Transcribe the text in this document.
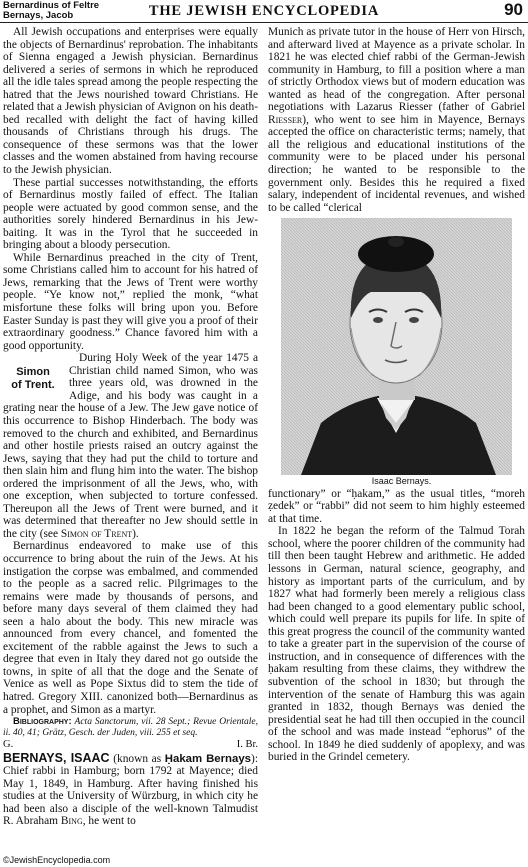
Bernardinus of Feltre
Bernays, Jacob	THE JEWISH ENCYCLOPEDIA	90

All Jewish occupations and enterprises were equally the objects of Bernardinus' reprobation. The inhabitants of Sienna engaged a Jewish physician. Bernardinus delivered a series of sermons in which he reproduced all the idle tales spread among the people respecting the hatred that the Jews nourished toward Christians. He related that a Jewish physician of Avignon on his death-bed recalled with delight the fact of having killed thousands of Christians through his drugs. The consequence of these sermons was that the lower classes and the women abstained from having recourse to the Jewish physician.

These partial successes notwithstanding, the efforts of Bernardinus mostly failed of effect. The Italian people were actuated by good common sense, and the authorities sorely hindered Bernardinus in his Jew-baiting. It was in the Tyrol that he succeeded in bringing about a bloody persecution.

While Bernardinus preached in the city of Trent, some Christians called him to account for his hatred of Jews, remarking that the Jews of Trent were worthy people. “Ye know not,” replied the monk, “what misfortune these folks will bring upon you. Before Easter Sunday is past they will give you a proof of their extraordinary goodness.” Chance favored him with a good opportunity.

Simon
of Trent.
During Holy Week of the year 1475 a Christian child named Simon, who was three years old, was drowned in the Adige, and his body was caught in a grating near the house of a Jew. The Jew gave notice of this occurrence to Bishop Hinderbach. The body was removed to the church and exhibited, and Bernardinus and other hostile priests raised an outcry against the Jews, saying that they had put the child to torture and then slain him and flung him into the water. The bishop ordered the imprisonment of all the Jews, who, with one exception, when subjected to torture confessed. Thereupon all the Jews of Trent were burned, and it was determined that thereafter no Jew should settle in the city (see Simon of Trent).

Bernardinus endeavored to make use of this occurrence to bring about the ruin of the Jews. At his instigation the corpse was embalmed, and commended to the people as a sacred relic. Pilgrimages to the remains were made by thousands of persons, and before many days several of them claimed they had seen a halo about the body. This new miracle was announced from every chancel, and fomented the excitement of the rabble against the Jews to such a degree that even in Italy they dared not go outside the towns, in spite of all that the doge and the Senate of Venice as well as Pope Sixtus did to stem the tide of hatred. Gregory XIII. canonized both—Bernardinus as a prophet, and Simon as a martyr.

Bibliography: Acta Sanctorum, vii. 28 Sept.; Revue Orientale, ii. 40, 41; Grätz, Gesch. der Juden, viii. 255 et seq.

G.	I. Br.

BERNAYS, ISAAC (known as Ḥakam Bernays): Chief rabbi in Hamburg; born 1792 at Mayence; died May 1, 1849, in Hamburg. After having finished his studies at the University of Würzburg, in which city he had been also a disciple of the well-known Talmudist R. Abraham Bing, he went to

Munich as private tutor in the house of Herr von Hirsch, and afterward lived at Mayence as a private scholar. In 1821 he was elected chief rabbi of the German-Jewish community in Hamburg, to fill a position where a man of strictly Orthodox views but of modern education was wanted as head of the congregation. After personal negotiations with Lazarus Riesser (father of Gabriel Riesser), who went to see him in Mayence, Bernays accepted the office on characteristic terms; namely, that all the religious and educational institutions of the community were to be placed under his personal direction; he wanted to be responsible to the government only. Besides this he required a fixed salary, independent of incidental revenues, and wished to be called “clerical

Isaac Bernays.

functionary” or “ḥakam,” as the usual titles, “moreh ẓedek” or “rabbi” did not seem to him highly esteemed at that time.

In 1822 he began the reform of the Talmud Torah school, where the poorer children of the community had till then been taught Hebrew and arithmetic. He added lessons in German, natural science, geography, and history as important parts of the curriculum, and by 1827 what had formerly been merely a religious class had been changed to a good elementary public school, which could well prepare its pupils for life. In spite of this great progress the council of the community wanted to take a greater part in the supervision of the course of instruction, and in consequence of differences with the ḥakam resulting from these claims, they withdrew the subvention of the school in 1830; but through the intervention of the senate of Hamburg this was again granted in 1832, though Bernays was denied the presidential seat he had till then occupied in the council of the school and was made instead “ephorus” of the school. In 1849 he died suddenly of apoplexy, and was buried in the Grindel cemetery.

©JewishEncyclopedia.com
